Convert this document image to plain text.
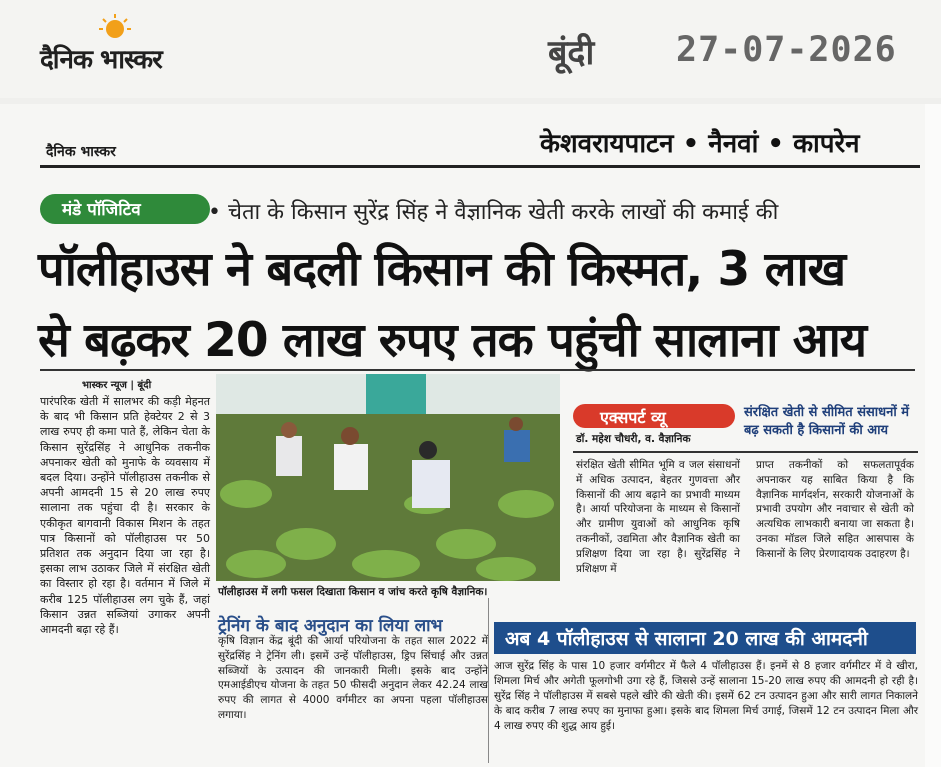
दैनिक भास्कर	बूंदी 27-07-2026
दैनिक भास्कर	केशवरायपाटन • नैनवां • कापरेन
मंडे पॉजिटिव	• चेता के किसान सुरेंद्र सिंह ने वैज्ञानिक खेती करके लाखों की कमाई की
पॉलीहाउस ने बदली किसान की किस्मत, 3 लाख
से बढ़कर 20 लाख रुपए तक पहुंची सालाना आय
भास्कर न्यूज | बूंदी
पारंपरिक खेती में सालभर की कड़ी मेहनत के बाद भी किसान प्रति हेक्टेयर 2 से 3 लाख रुपए ही कमा पाते हैं, लेकिन चेता के किसान सुरेंद्रसिंह ने आधुनिक तकनीक अपनाकर खेती को मुनाफे के व्यवसाय में बदल दिया। उन्होंने पॉलीहाउस तकनीक से अपनी आमदनी 15 से 20 लाख रुपए सालाना तक पहुंचा दी है। सरकार के एकीकृत बागवानी विकास मिशन के तहत पात्र किसानों को पॉलीहाउस पर 50 प्रतिशत तक अनुदान दिया जा रहा है। इसका लाभ उठाकर जिले में संरक्षित खेती का विस्तार हो रहा है। वर्तमान में जिले में करीब 125 पॉलीहाउस लग चुके हैं, जहां किसान उन्नत सब्जियां उगाकर अपनी आमदनी बढ़ा रहे हैं।
पॉलीहाउस में लगी फसल दिखाता किसान व जांच करते कृषि वैज्ञानिक।
ट्रेनिंग के बाद अनुदान का लिया लाभ
कृषि विज्ञान केंद्र बूंदी की आर्या परियोजना के तहत साल 2022 में सुरेंद्रसिंह ने ट्रेनिंग ली। इसमें उन्हें पॉलीहाउस, ड्रिप सिंचाई और उन्नत सब्जियों के उत्पादन की जानकारी मिली। इसके बाद उन्होंने एमआईडीएच योजना के तहत 50 फीसदी अनुदान लेकर 42.24 लाख रुपए की लागत से 4000 वर्गमीटर का अपना पहला पॉलीहाउस लगाया।
एक्सपर्ट व्यू
डॉ. महेश चौधरी, व. वैज्ञानिक
संरक्षित खेती से सीमित संसाधनों में बढ़ सकती है किसानों की आय
संरक्षित खेती सीमित भूमि व जल संसाधनों में अधिक उत्पादन, बेहतर गुणवत्ता और किसानों की आय बढ़ाने का प्रभावी माध्यम है। आर्या परियोजना के माध्यम से किसानों और ग्रामीण युवाओं को आधुनिक कृषि तकनीकों, उद्यमिता और वैज्ञानिक खेती का प्रशिक्षण दिया जा रहा है। सुरेंद्रसिंह ने प्रशिक्षण में
प्राप्त तकनीकों को सफलतापूर्वक अपनाकर यह साबित किया है कि वैज्ञानिक मार्गदर्शन, सरकारी योजनाओं के प्रभावी उपयोग और नवाचार से खेती को अत्यधिक लाभकारी बनाया जा सकता है। उनका मॉडल जिले सहित आसपास के किसानों के लिए प्रेरणादायक उदाहरण है।
अब 4 पॉलीहाउस से सालाना 20 लाख की आमदनी
आज सुरेंद्र सिंह के पास 10 हजार वर्गमीटर में फैले 4 पॉलीहाउस हैं। इनमें से 8 हजार वर्गमीटर में वे खीरा, शिमला मिर्च और अगेती फूलगोभी उगा रहे हैं, जिससे उन्हें सालाना 15-20 लाख रुपए की आमदनी हो रही है। सुरेंद्र सिंह ने पॉलीहाउस में सबसे पहले खीरे की खेती की। इसमें 62 टन उत्पादन हुआ और सारी लागत निकालने के बाद करीब 7 लाख रुपए का मुनाफा हुआ। इसके बाद शिमला मिर्च उगाई, जिसमें 12 टन उत्पादन मिला और 4 लाख रुपए की शुद्ध आय हुई।
